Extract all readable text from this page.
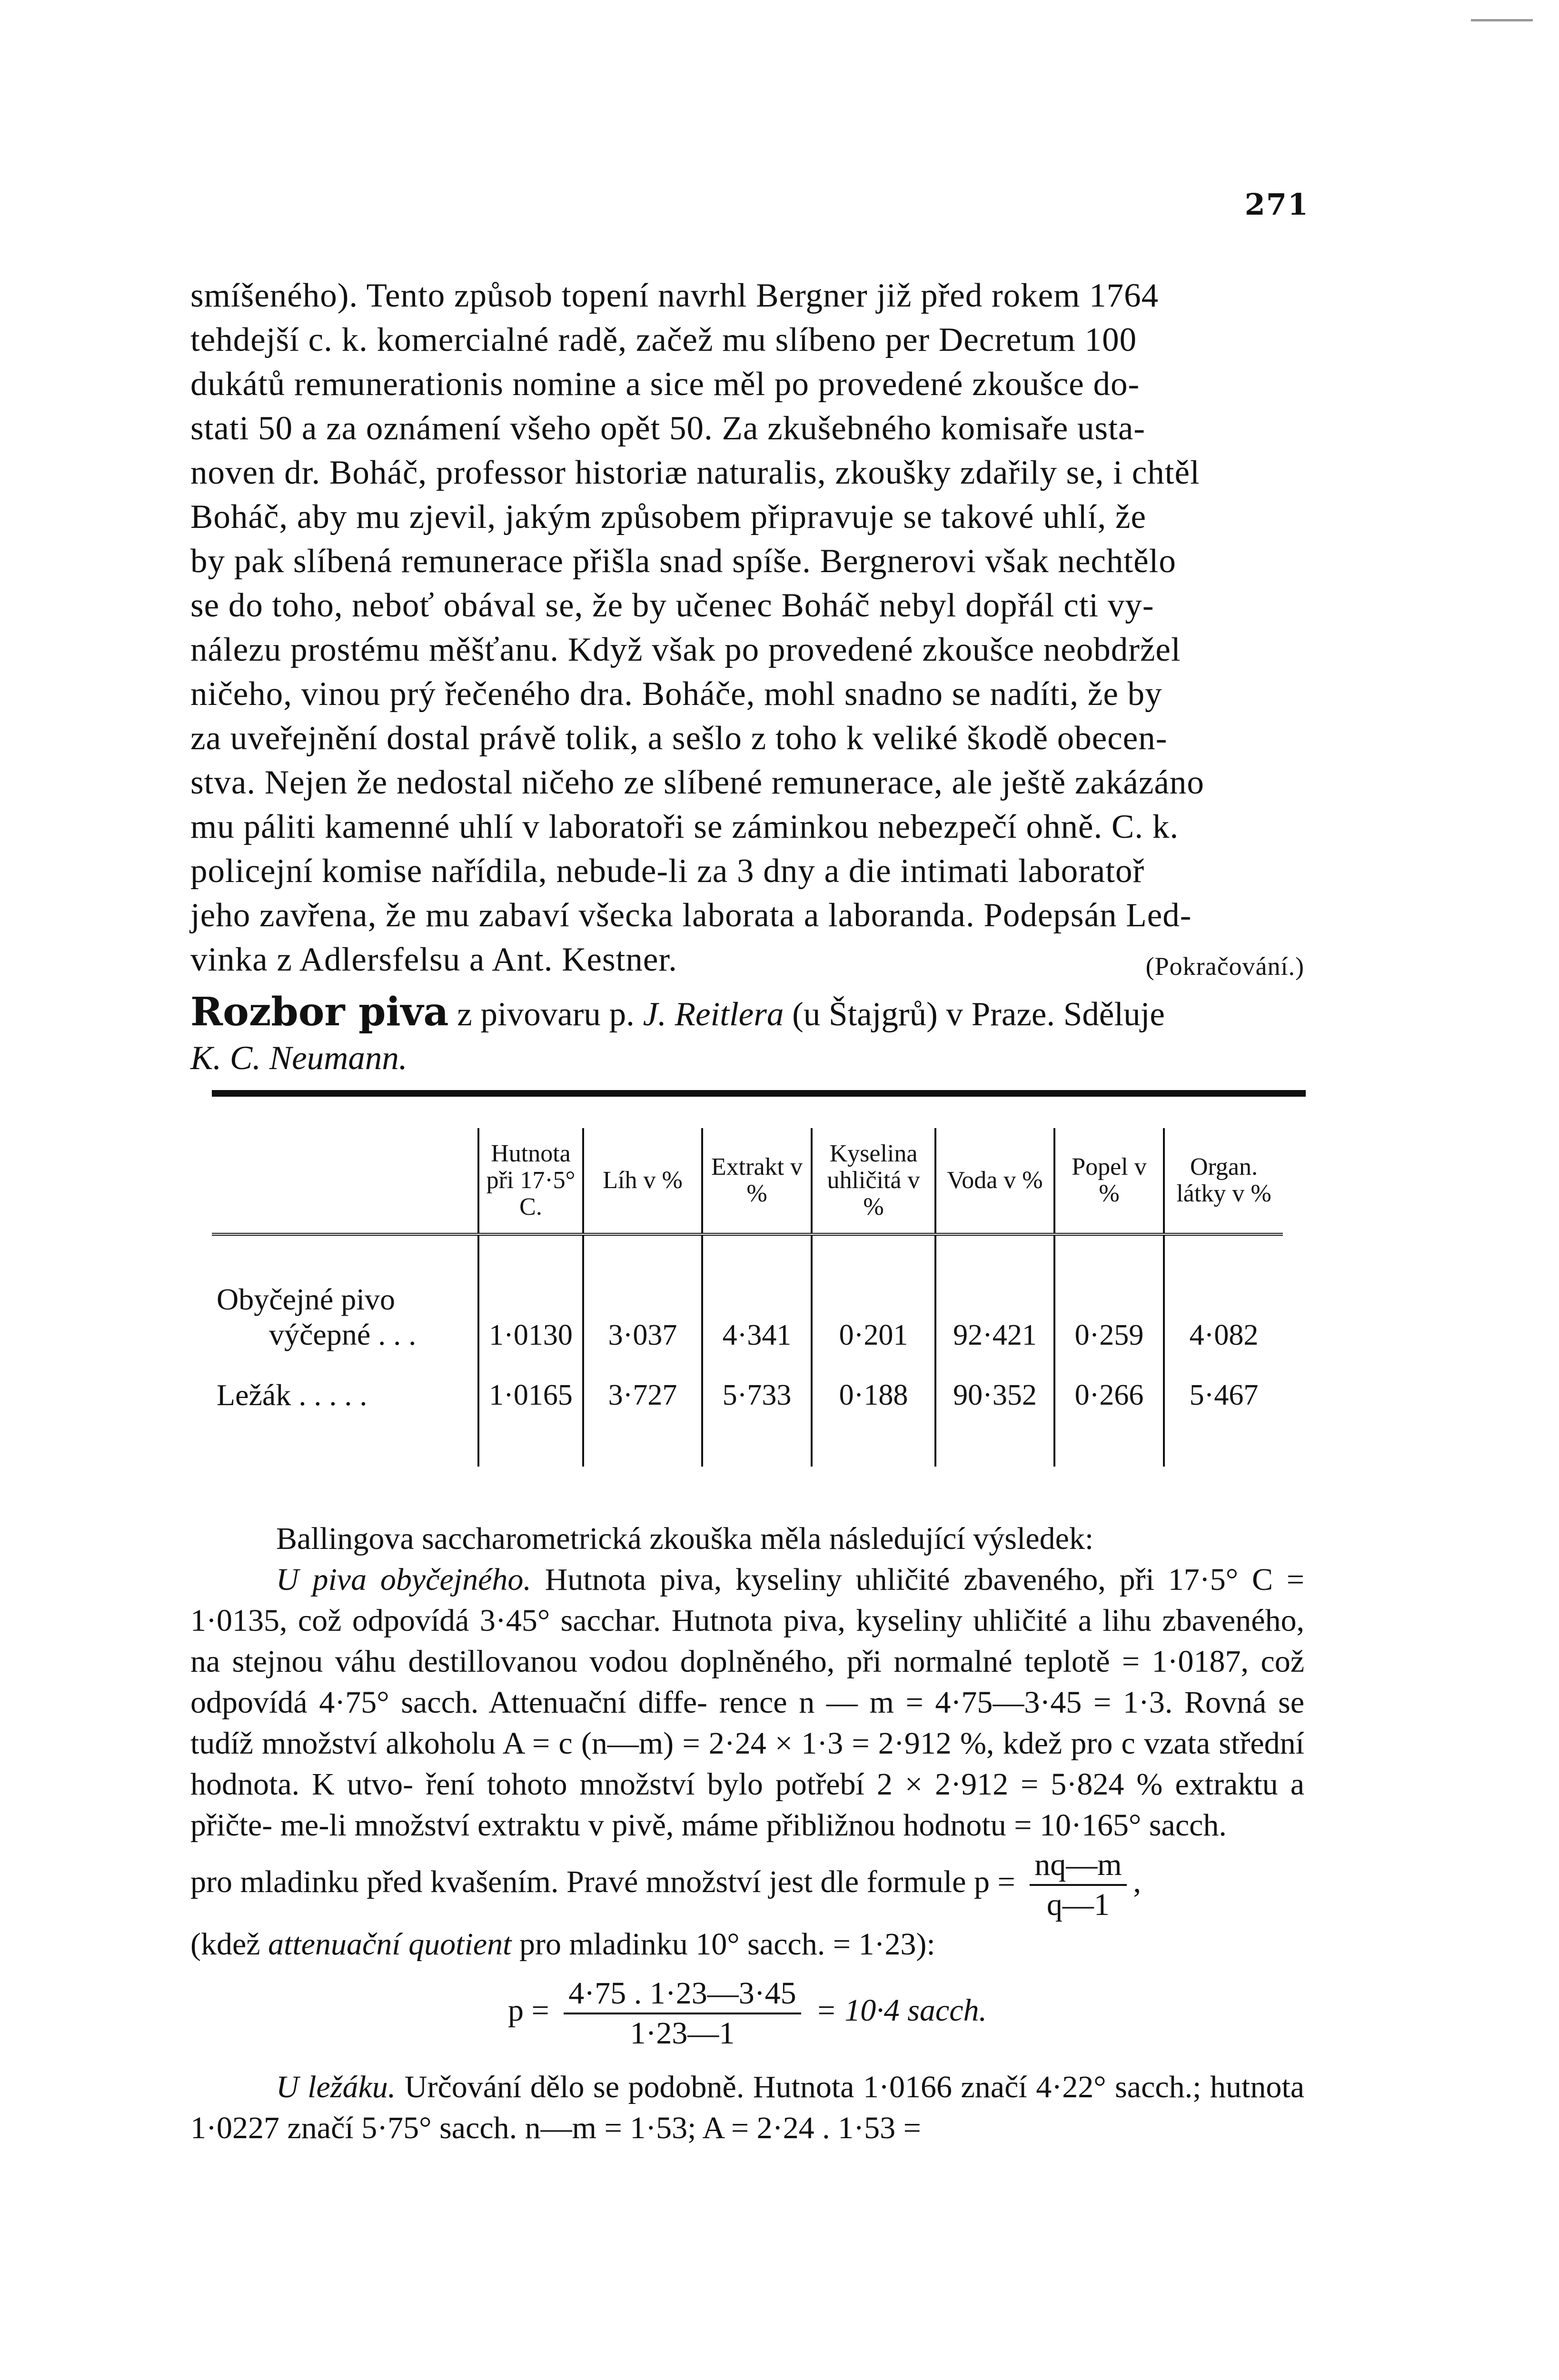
271

smíšeného). Tento způsob topení navrhl Bergner již před rokem 1764

tehdejší c. k. komercialné radě, začež mu slíbeno per Decretum 100

dukátů remunerationis nomine a sice měl po provedené zkoušce do-

stati 50 a za oznámení všeho opět 50. Za zkušebného komisaře usta-

noven dr. Boháč, professor historiæ naturalis, zkoušky zdařily se, i chtěl

Boháč, aby mu zjevil, jakým způsobem připravuje se takové uhlí, že

by pak slíbená remunerace přišla snad spíše. Bergnerovi však nechtělo

se do toho, neboť obával se, že by učenec Boháč nebyl dopřál cti vy-

nálezu prostému měšťanu. Když však po provedené zkoušce neobdržel

ničeho, vinou prý řečeného dra. Boháče, mohl snadno se nadíti, že by

za uveřejnění dostal právě tolik, a sešlo z toho k veliké škodě obecen-

stva. Nejen že nedostal ničeho ze slíbené remunerace, ale ještě zakázáno

mu páliti kamenné uhlí v laboratoři se záminkou nebezpečí ohně. C. k.

policejní komise nařídila, nebude-li za 3 dny a die intimati laboratoř

jeho zavřena, že mu zabaví všecka laborata a laboranda. Podepsán Led-

vinka z Adlersfelsu a Ant. Kestner.	(Pokračování.)

Rozbor piva z pivovaru p. J. Reitlera (u Štajgrů) v Praze. Sděluje
K. C. Neumann.
	Hutnota při 17·5° C.	Líh v %	Extrakt v %	Kyselina uhličitá v %	Voda v %	Popel v %	Organ. látky v %

Obyčejné pivo
výčepné . . .	1·0130	3·037	4·341	0·201	92·421	0·259	4·082
Ležák . . . . .	1·0165	3·727	5·733	0·188	90·352	0·266	5·467

Ballingova saccharometrická zkouška měla následující výsledek:

U piva obyčejného. Hutnota piva, kyseliny uhličité zbaveného, při 17·5° C = 1·0135, což odpovídá 3·45° sacchar. Hutnota piva, kyseliny uhličité a lihu zbaveného, na stejnou váhu destillovanou vodou doplněného, při normalné teplotě = 1·0187, což odpovídá 4·75° sacch. Attenuační diffe- rence n — m = 4·75—3·45 = 1·3. Rovná se tudíž množství alkoholu A = c (n—m) = 2·24 × 1·3 = 2·912 %, kdež pro c vzata střední hodnota. K utvo- ření tohoto množství bylo potřebí 2 × 2·912 = 5·824 % extraktu a přičte- me-li množství extraktu v pivě, máme přibližnou hodnotu = 10·165° sacch.

pro mladinku před kvašením. Pravé množství jest dle formule $p = \frac{nq—m}{q—1}$ ,

(kdež attenuační quotient pro mladinku 10° sacch. = 1·23):

$p = \frac{4\cdot 75 . 1\cdot 23—3\cdot 45}{1\cdot 23—1} = 10\cdot 4$ sacch.

U ležáku. Určování dělo se podobně. Hutnota 1·0166 značí 4·22° sacch.; hutnota 1·0227 značí 5·75° sacch. n—m = 1·53; A = 2·24 . 1·53 =
